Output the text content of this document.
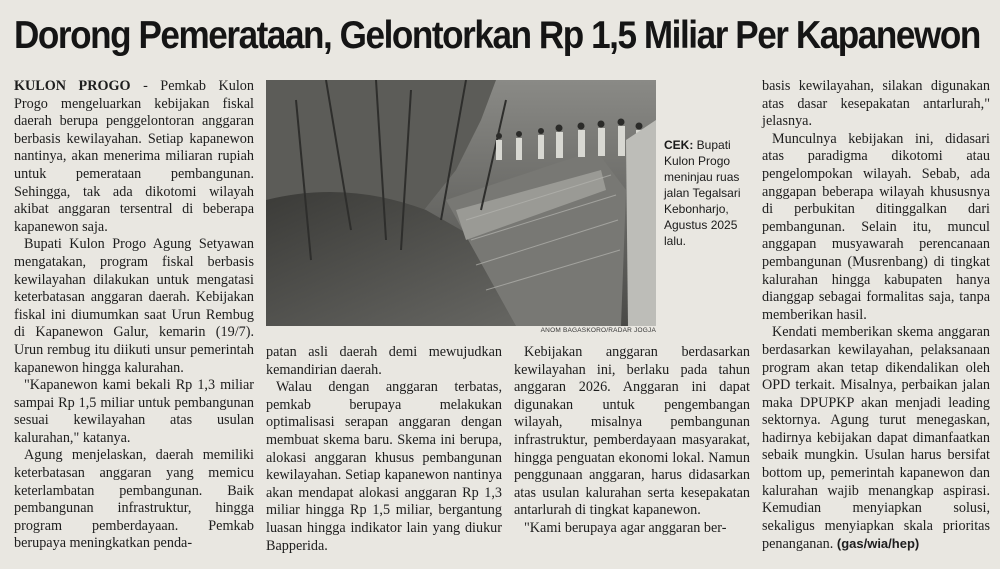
Dorong Pemerataan, Gelontorkan Rp 1,5 Miliar Per Kapanewon

KULON PROGO - Pemkab Kulon Progo mengeluarkan kebijakan fiskal daerah berupa penggelontoran anggaran berbasis kewilayahan. Setiap kapanewon nantinya, akan menerima miliaran rupiah untuk pemerataan pembangunan. Sehingga, tak ada dikotomi wilayah akibat anggaran tersentral di beberapa kapanewon saja.

Bupati Kulon Progo Agung Setyawan mengatakan, program fiskal berbasis kewilayahan dilakukan untuk mengatasi keterbatasan anggaran daerah. Kebijakan fiskal ini diumumkan saat Urun Rembug di Kapanewon Galur, kemarin (19/7). Urun rembug itu diikuti unsur pemerintah kapanewon hingga kalurahan.

"Kapanewon kami bekali Rp 1,3 miliar sampai Rp 1,5 miliar untuk pembangunan sesuai kewilayahan atas usulan kalurahan," katanya.

Agung menjelaskan, daerah memiliki keterbatasan anggaran yang memicu keterlambatan pembangunan. Baik pembangunan infrastruktur, hingga program pemberdayaan. Pemkab berupaya meningkatkan penda-

ANOM BAGASKORO/RADAR JOGJA
CEK: Bupati Kulon Progo meninjau ruas jalan Tegalsari Kebonharjo, Agustus 2025 lalu.

patan asli daerah demi mewujudkan kemandirian daerah.

Walau dengan anggaran terbatas, pemkab berupaya melakukan optimalisasi serapan anggaran dengan membuat skema baru. Skema ini berupa, alokasi anggaran khusus pembangunan kewilayahan. Setiap kapanewon nantinya akan mendapat alokasi anggaran Rp 1,3 miliar hingga Rp 1,5 miliar, bergantung luasan hingga indikator lain yang diukur Bapperida.

Kebijakan anggaran berdasarkan kewilayahan ini, berlaku pada tahun anggaran 2026. Anggaran ini dapat digunakan untuk pengembangan wilayah, misalnya pembangunan infrastruktur, pemberdayaan masyarakat, hingga penguatan ekonomi lokal. Namun penggunaan anggaran, harus didasarkan atas usulan kalurahan serta kesepakatan antarlurah di tingkat kapanewon.

"Kami berupaya agar anggaran ber-

basis kewilayahan, silakan digunakan atas dasar kesepakatan antarlurah," jelasnya.

Munculnya kebijakan ini, didasari atas paradigma dikotomi atau pengelompokan wilayah. Sebab, ada anggapan beberapa wilayah khususnya di perbukitan ditinggalkan dari pembangunan. Selain itu, muncul anggapan musyawarah perencanaan pembangunan (Musrenbang) di tingkat kalurahan hingga kabupaten hanya dianggap sebagai formalitas saja, tanpa memberikan hasil.

Kendati memberikan skema anggaran berdasarkan kewilayahan, pelaksanaan program akan tetap dikendalikan oleh OPD terkait. Misalnya, perbaikan jalan maka DPUPKP akan menjadi leading sektornya. Agung turut menegaskan, hadirnya kebijakan dapat dimanfaatkan sebaik mungkin. Usulan harus bersifat bottom up, pemerintah kapanewon dan kalurahan wajib menangkap aspirasi. Kemudian menyiapkan solusi, sekaligus menyiapkan skala prioritas penanganan. (gas/wia/hep)
